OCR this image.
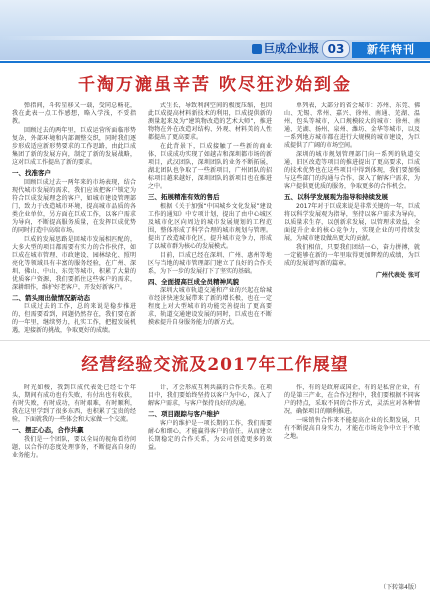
巨成企业报 03	新年特刊
千淘万漉虽辛苦 吹尽狂沙始到金

弹指间，斗转星移又一载，受同总畅花，我在此表一点工作感想，略入学浅，不妥指教。

回顾过去的两年里，巨成运营所面临形势复杂，外部环境和内部调整交织，同时我们逐步形成适应新形势要求的工作思路，由此巨成集团了新的发展方向，制定了新的发展战略，这对巨成工作提出了新的要求。

一、找准客户

回顾巨成过去一两年来的市场表现，结合现代城市发展的需求，我们应该把客户锁定为符合巨成发展理念的客户，如城市建设管理部门，致力于改造城市环境，提高城市品质的各类企业单位，另方面在巨成工作，以客户需求为导向，不断提高服务质量，在发挥巨成优势的同时打造中高端市场。

巨成的发展思路是回城市发展相匹配的，大多大型的项目都需要有实力的合作伙伴，如巨成在城市管理、市政建设、园林绿化、照明亮化等领域具有丰富的服务经验，在广州、深圳、佛山、中山、东莞等城市，积累了大量的优质客户资源，我们要抓住这些客户的需求，深耕细作，维护好老客户，开发好新客户。

二、箭头雨出做情况新动态

巨成过去的工作，总的来说是稳步推进的，但需要看到，问题仍然存在，我们要在新的一年里，继续努力，扎实工作，把握发展机遇，迎接新的挑战，争取更好的成绩。

式生长，导致利润空间的极度压缩，也因此巨成提高材料新技术的利用，巨成提供新的测量起来及为“建筑物改造的艺术大师”，推进物物在外在改造对结构、外观、材料美的人性都提出了更高要求。

在此背景下，巨成接触了一些新的商业体，巨成成功实现了如越吉和深圳都市场的新项目，武汉团队，深圳团队的业务不断拓展，湖北团队也争取了一些新项目，广州团队的招标项目越来越好，深圳团队的新项目也在推进之中。

三、拓展精准有效的售后

根据《关于加强“中国城乡文化发展”建设工作的通知》中专项计划，提出了由中心城区及城市化区向周边的城市发展规划的工程范围，整体形成了科学合理的城市规划与管理。提出了改造城市化区，提升城市竞争力，形成了以城市群为核心的发展模式。

目前，巨成已经在深圳、广州、惠州等地区与当地的城市管理部门建立了良好的合作关系，为下一步的发展打下了坚实的基础。

四、全面提高巨成全员精神风貌

深圳大城市轨道交通和产业的兴起在给城市经济快速发展带来了新的增长极，也在一定程度上对大型城市的功能完善提出了更高要求，轨道交通建设发展的同时，巨成也在不断摸索提升自身服务能力的新方式。

单列表，大部分的省会城市：苏州、东莞、佛山、无锡、常州、嘉兴、徐州、南通、芜湖、温州、包头等城市，入口规模较大的城市：徐州、南通、芜湖、扬州、泉州、潍坊、金华等城市，以及一系列地方城市都在进行大规模的城市建设，为巨成提供了广阔的市场空间。

深圳的城市规划管理部门向一系列的轨道交通、旧区改造等项目的推进提出了更高要求，巨成的技术优势也在这些项目中得到体现，我们要加强与这些部门的沟通与合作，深入了解客户需求，为客户提供更优质的服务，争取更多的合作机会。

五、以科学发展观为指导和持续发展

2017年对于巨成来说是非常关键的一年，巨成将以科学发展观为指导，坚持以客户需求为导向，以质量求生存，以创新求发展，以管理求效益，全面提升企业的核心竞争力，实现企业的可持续发展，为城市建设做出更大的贡献。

我们相信，只要我们团结一心，奋力拼搏，就一定能够在新的一年里取得更加辉煌的成绩，为巨成的发展谱写新的篇章。

广州代表处 张可

经营经验交流及2017年工作展望

时光如梭，我到巨成代表处已经七个年头，期间有成功也有失败，有付出也有收获，有时失败，有时成功，有时艰难，有时顺利，我在这里学到了很多东西，也积累了宝贵的经验，下面就我的一些体会和大家做一个交流。

一、摆正心态，合作共赢

我们是一个团队，要以全局的视角看待问题，以合作的态度处理事务，不断提高自身的业务能力。

计，才会形成互利共赢的合作关系。在项目中，我们要始终坚持以客户为中心，深入了解客户需求，与客户保持良好的沟通。

二、项目跟踪与客户维护

客户的维护是一项长期的工作，我们需要耐心和细心，才能赢得客户的信任，从而建立长期稳定的合作关系，为公司创造更多的效益。

作，有的是政府或国企，有的是私营企业，有的是第三产业，在合作过程中，我们要根据不同客户的特点，采取不同的合作方式，灵活应对各种情况，确保项目的顺利推进。

一味销售合作来不能提高企业的长期发展，只有不断提高自身实力，才能在市场竞争中立于不败之地。

（下转第4版）
